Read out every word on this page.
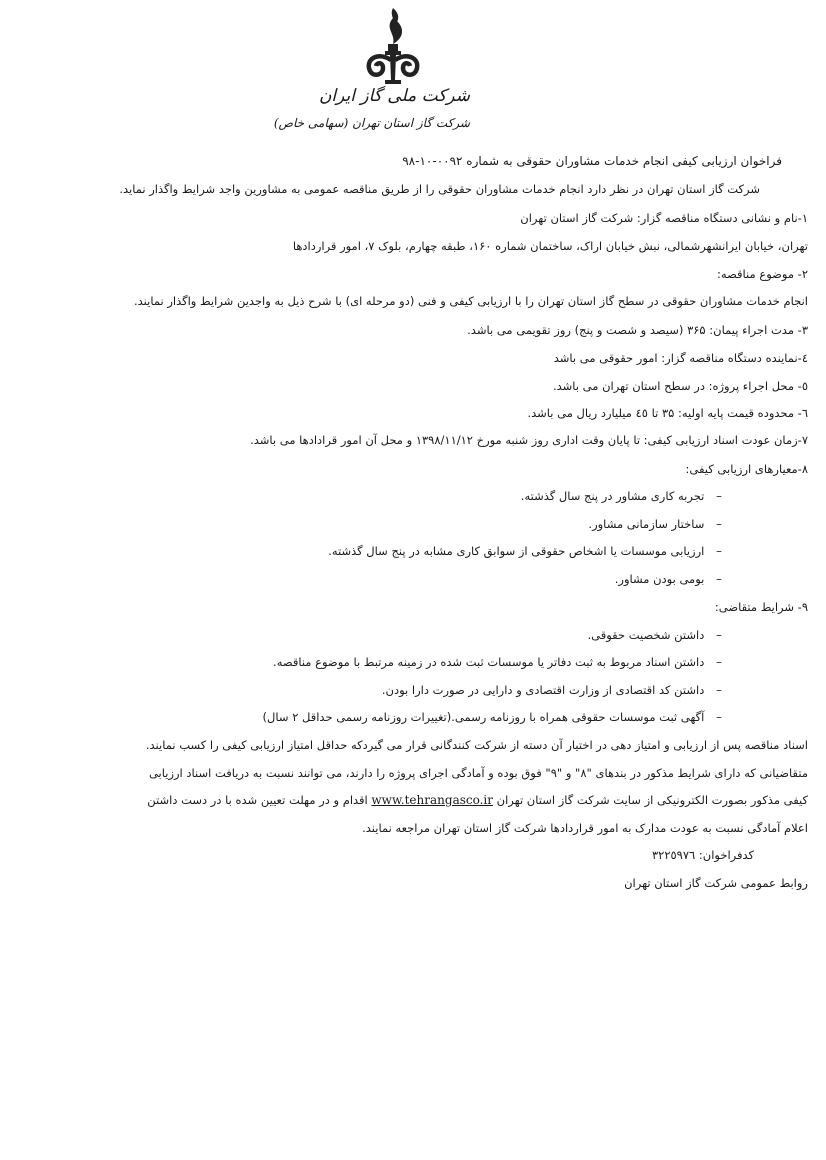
شرکت ملی گاز ایران
شرکت گاز استان تهران (سهامی خاص)
فراخوان ارزیابی کیفی انجام خدمات مشاوران حقوقی به شماره ۰۰۹۲-۱۰-۹۸
شرکت گاز استان تهران در نظر دارد انجام خدمات مشاوران حقوقی را از طریق مناقصه عمومی به مشاورین واجد شرایط واگذار نماید.
۱-نام و نشانی دستگاه مناقصه گزار: شرکت گاز استان تهران
تهران، خیابان ایرانشهرشمالی، نبش خیابان اراک، ساختمان شماره ۱۶۰، طبقه چهارم، بلوک ۷، امور قراردادها
۲- موضوع مناقصه:
انجام خدمات مشاوران حقوقی در سطح گاز استان تهران را با ارزیابی کیفی و فنی (دو مرحله ای) با شرح ذیل به واجدین شرایط واگذار نمایند.
۳- مدت اجراء پیمان: ۳۶۵ (سیصد و شصت و پنج) روز تقویمی می باشد.
٤-نماینده دستگاه مناقصه گزار: امور حقوقی می باشد
٥- محل اجراء پروژه: در سطح استان تهران می باشد.
٦- محدوده قیمت پایه اولیه: ۳۵ تا ٤٥ میلیارد ریال می باشد.
۷-زمان عودت اسناد ارزیابی کیفی: تا پایان وقت اداری روز شنبه مورخ ۱۳۹۸/۱۱/۱۲ و محل آن امور قرادادها می باشد.
۸-معیارهای ارزیابی کیفی:
– تجربه کاری مشاور در پنج سال گذشته.
– ساختار سازمانی مشاور.
– ارزیابی موسسات یا اشخاص حقوقی از سوابق کاری مشابه در پنج سال گذشته.
– بومی بودن مشاور.
۹- شرایط متقاضی:
– داشتن شخصیت حقوقی.
– داشتن اسناد مربوط به ثبت دفاتر یا موسسات ثبت شده در زمینه مرتبط با موضوع مناقصه.
– داشتن کد اقتصادی از وزارت اقتصادی و دارایی در صورت دارا بودن.
– آگهی ثبت موسسات حقوقی همراه با روزنامه رسمی.(تغییرات روزنامه رسمی حداقل ۲ سال)
اسناد مناقصه پس از ارزیابی و امتیاز دهی در اختیار آن دسته از شرکت کنندگانی قرار می گیردکه حداقل امتیاز ارزیابی کیفی را کسب نمایند.
متقاضیانی که دارای شرایط مذکور در بندهای "۸" و "۹" فوق بوده و آمادگی اجرای پروژه را دارند، می توانند نسبت به دریافت اسناد ارزیابی
کیفی مذکور بصورت الکترونیکی از سایت شرکت گاز استان تهران www.tehrangasco.ir اقدام و در مهلت تعیین شده با در دست داشتن
اعلام آمادگی نسبت به عودت مدارک به امور قراردادها شرکت گاز استان تهران مراجعه نمایند.
کدفراخوان: ۳۲۲٥۹۷٦
روابط عمومی شرکت گاز استان تهران
